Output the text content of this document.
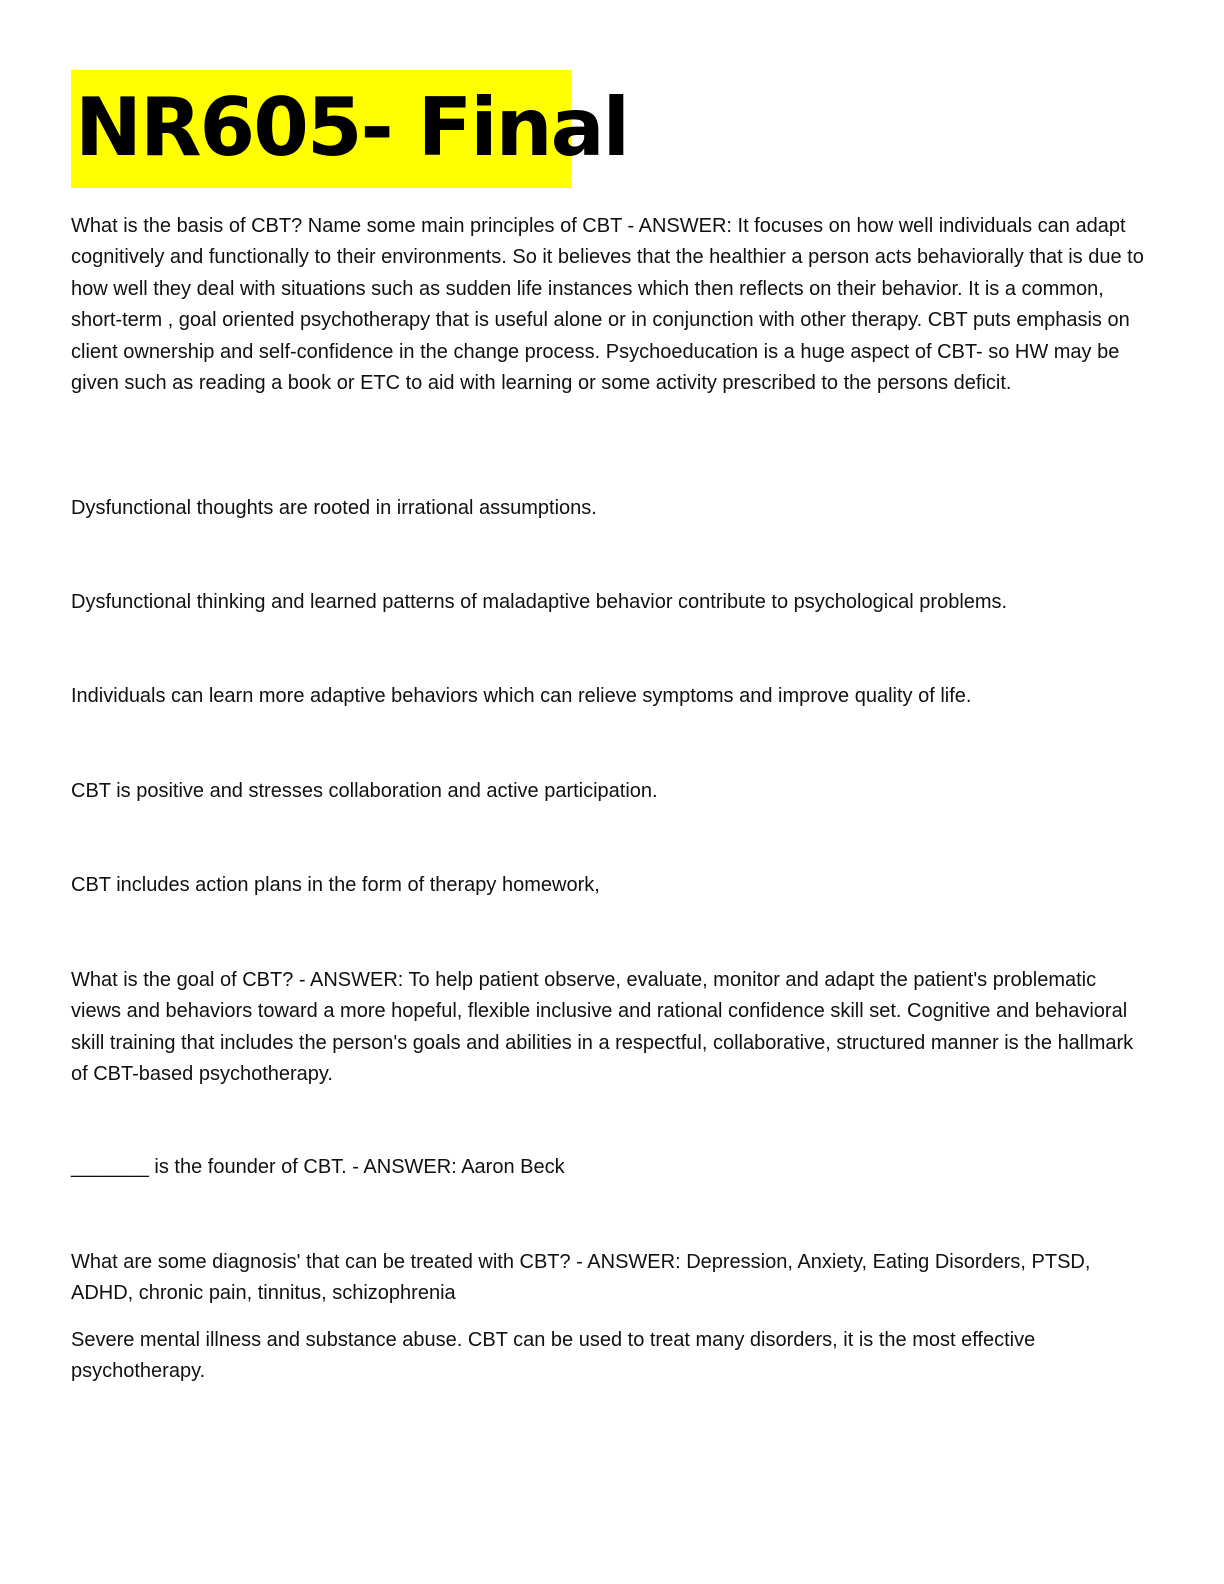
NR605- Final

What is the basis of CBT? Name some main principles of CBT - ANSWER: It focuses on how well individuals can adapt cognitively and functionally to their environments. So it believes that the healthier a person acts behaviorally that is due to how well they deal with situations such as sudden life instances which then reflects on their behavior. It is a common, short-term , goal oriented psychotherapy that is useful alone or in conjunction with other therapy. CBT puts emphasis on client ownership and self-confidence in the change process. Psychoeducation is a huge aspect of CBT- so HW may be given such as reading a book or ETC to aid with learning or some activity prescribed to the persons deficit.

Dysfunctional thoughts are rooted in irrational assumptions.

Dysfunctional thinking and learned patterns of maladaptive behavior contribute to psychological problems.

Individuals can learn more adaptive behaviors which can relieve symptoms and improve quality of life.

CBT is positive and stresses collaboration and active participation.

CBT includes action plans in the form of therapy homework,

What is the goal of CBT? - ANSWER: To help patient observe, evaluate, monitor and adapt the patient's problematic views and behaviors toward a more hopeful, flexible inclusive and rational confidence skill set. Cognitive and behavioral skill training that includes the person's goals and abilities in a respectful, collaborative, structured manner is the hallmark of CBT-based psychotherapy.

_______ is the founder of CBT. - ANSWER: Aaron Beck

What are some diagnosis' that can be treated with CBT? - ANSWER: Depression, Anxiety, Eating Disorders, PTSD, ADHD, chronic pain, tinnitus, schizophrenia

Severe mental illness and substance abuse. CBT can be used to treat many disorders, it is the most effective psychotherapy.
